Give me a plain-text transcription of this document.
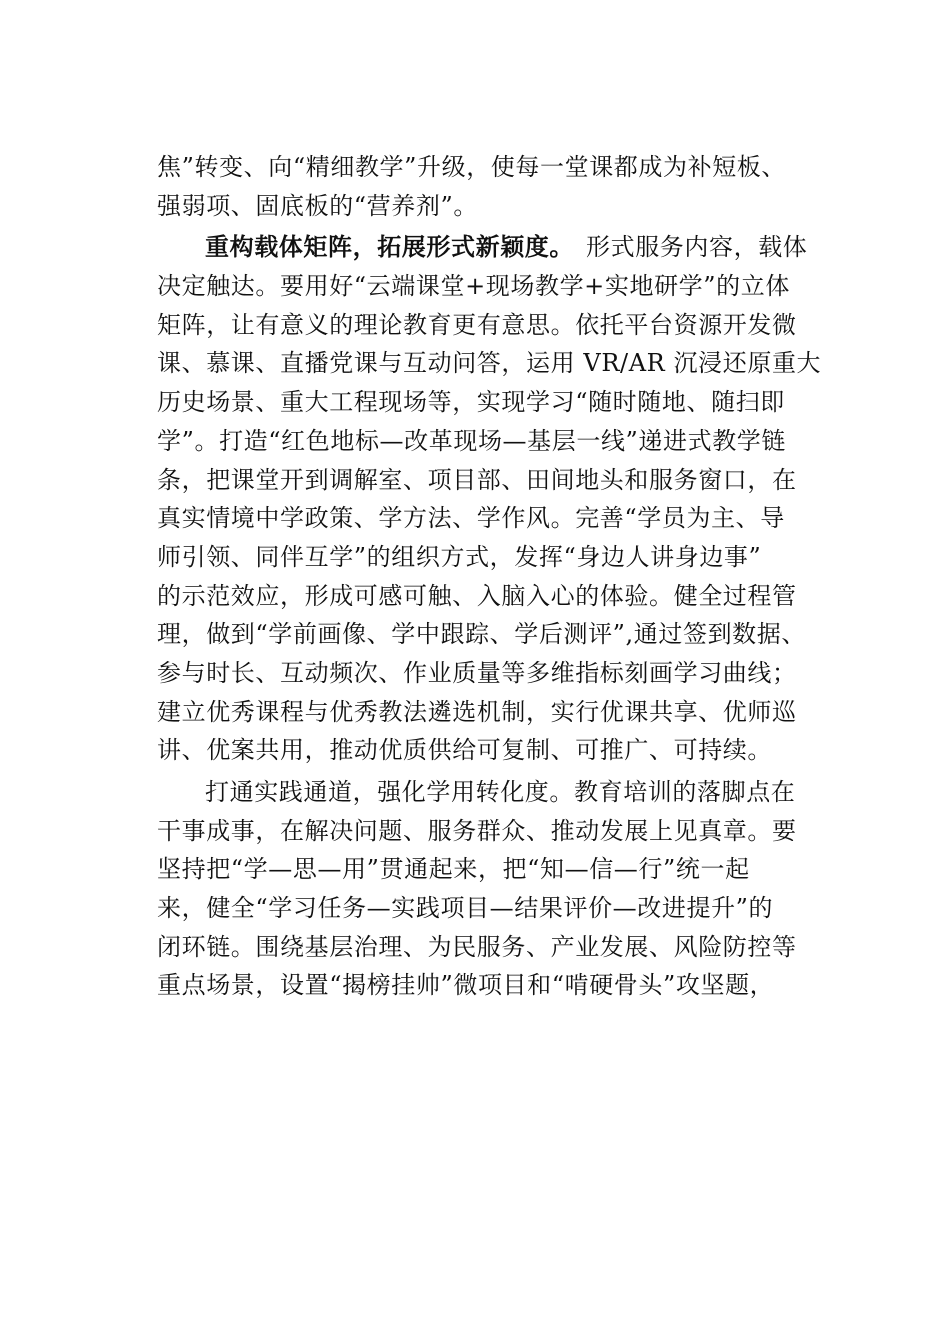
焦”转变、向“精细教学”升级，使每一堂课都成为补短板、
强弱项、固底板的“营养剂”。
重构载体矩阵，拓展形式新颖度。 形式服务内容，载体
决定触达。要用好“云端课堂+现场教学+实地研学”的立体
矩阵，让有意义的理论教育更有意思。依托平台资源开发微
课、慕课、直播党课与互动问答，运用 VR/AR 沉浸还原重大
历史场景、重大工程现场等，实现学习“随时随地、随扫即
学”。打造“红色地标—改革现场—基层一线”递进式教学链
条，把课堂开到调解室、项目部、田间地头和服务窗口，在
真实情境中学政策、学方法、学作风。完善“学员为主、导
师引领、同伴互学”的组织方式，发挥“身边人讲身边事”
的示范效应，形成可感可触、入脑入心的体验。健全过程管
理，做到“学前画像、学中跟踪、学后测评”,通过签到数据、
参与时长、互动频次、作业质量等多维指标刻画学习曲线；
建立优秀课程与优秀教法遴选机制，实行优课共享、优师巡
讲、优案共用，推动优质供给可复制、可推广、可持续。
打通实践通道，强化学用转化度。教育培训的落脚点在
干事成事，在解决问题、服务群众、推动发展上见真章。要
坚持把“学—思—用”贯通起来，把“知—信—行”统一起
来，健全“学习任务—实践项目—结果评价—改进提升”的
闭环链。围绕基层治理、为民服务、产业发展、风险防控等
重点场景，设置“揭榜挂帅”微项目和“啃硬骨头”攻坚题，
